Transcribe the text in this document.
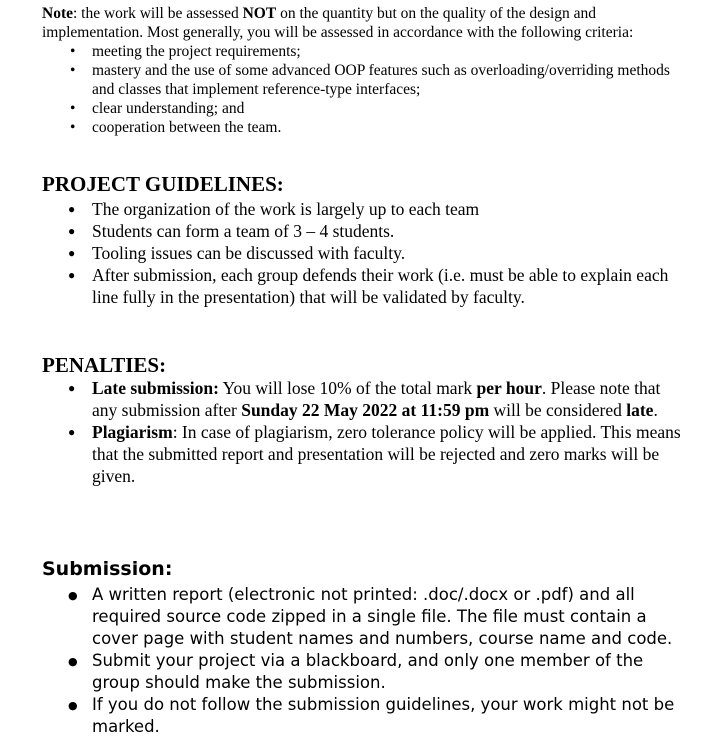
Note: the work will be assessed NOT on the quantity but on the quality of the design and implementation. Most generally, you will be assessed in accordance with the following criteria:
• meeting the project requirements;
• mastery and the use of some advanced OOP features such as overloading/overriding methods and classes that implement reference-type interfaces;
• clear understanding; and
• cooperation between the team.
PROJECT GUIDELINES:
● The organization of the work is largely up to each team
● Students can form a team of 3 – 4 students.
● Tooling issues can be discussed with faculty.
● After submission, each group defends their work (i.e. must be able to explain each line fully in the presentation) that will be validated by faculty.
PENALTIES:
● Late submission: You will lose 10% of the total mark per hour. Please note that any submission after Sunday 22 May 2022 at 11:59 pm will be considered late.
● Plagiarism: In case of plagiarism, zero tolerance policy will be applied. This means that the submitted report and presentation will be rejected and zero marks will be given.
Submission:
● A written report (electronic not printed: .doc/.docx or .pdf) and all required source code zipped in a single file. The file must contain a cover page with student names and numbers, course name and code.
● Submit your project via a blackboard, and only one member of the group should make the submission.
● If you do not follow the submission guidelines, your work might not be marked.
